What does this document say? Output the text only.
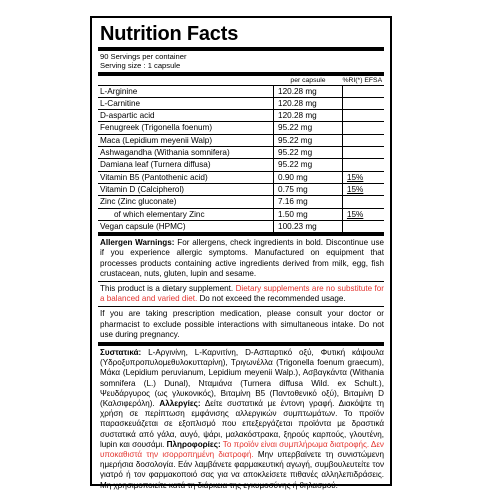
Nutrition Facts
90 Servings per container
Serving size : 1 capsule
	per capsule	%RI(*) EFSA
L-Arginine	120.28 mg	
L-Carnitine	120.28 mg	
D-aspartic acid	120.28 mg	
Fenugreek (Trigonella foenum)	95.22 mg	
Maca (Lepidium meyenii Walp)	95.22 mg	
Ashwagandha (Withania somnifera)	95.22 mg	
Damiana leaf (Turnera diffusa)	95.22 mg	
Vitamin B5 (Pantothenic acid)	0.90 mg	15%
Vitamin D (Calcipherol)	0.75 mg	15%
Zinc (Zinc gluconate)	7.16 mg	
of which elementary Zinc	1.50 mg	15%
Vegan capsule (HPMC)	100.23 mg	
Allergen Warnings: For allergens, check ingredients in bold. Discontinue use if you experience allergic symptoms. Manufactured on equipment that processes products containing active ingredients derived from milk, egg, fish crustacean, nuts, gluten, lupin and sesame.
This product is a dietary supplement. Dietary supplements are no substitute for a balanced and varied diet. Do not exceed the recommended usage.
If you are taking prescription medication, please consult your doctor or pharmacist to exclude possible interactions with simultaneous intake. Do not use during pregnancy.
Συστατικά: L-Αργινίνη, L-Καρνιτίνη, D-Ασπαρτικό οξύ, Φυτική κάψουλα (Υδροξυπροπυλομεθυλοκυτταρίνη), Τριγωνέλλα (Trigonella foenum graecum), Μάκα (Lepidium peruvianum, Lepidium meyenii Walp.), Ασβαγκάντα (Withania somnifera (L.) Dunal), Νταμιάνα (Turnera diffusa Wild. ex Schult.), Ψευδάργυρος (ως γλυκονικός), Βιταμίνη Β5 (Παντοθενικό οξύ), Βιταμίνη D (Καλσιφερόλη). Αλλεργίες: Δείτε συστατικά με έντονη γραφή. Διακόψτε τη χρήση σε περίπτωση εμφάνισης αλλεργικών συμπτωμάτων. Το προϊόν παρασκευάζεται σε εξοπλισμό που επεξεργάζεται προϊόντα με δραστικά συστατικά από γάλα, αυγό, ψάρι, μαλακόστρακα, ξηρούς καρπούς, γλουτένη, lupin και σουσάμι. Πληροφορίες: Το προϊόν είναι συμπλήρωμα διατροφής. Δεν υποκαθιστά την ισορροπημένη διατροφή. Μην υπερβαίνετε τη συνιστώμενη ημερήσια δοσολογία. Εάν λαμβάνετε φαρμακευτική αγωγή, συμβουλευτείτε τον γιατρό ή τον φαρμακοποιό σας για να αποκλείσετε πιθανές αλληλεπιδράσεις. Μη χρησιμοποιείτε κατά τη διάρκεια της εγκυμοσύνης ή θηλασμού.
